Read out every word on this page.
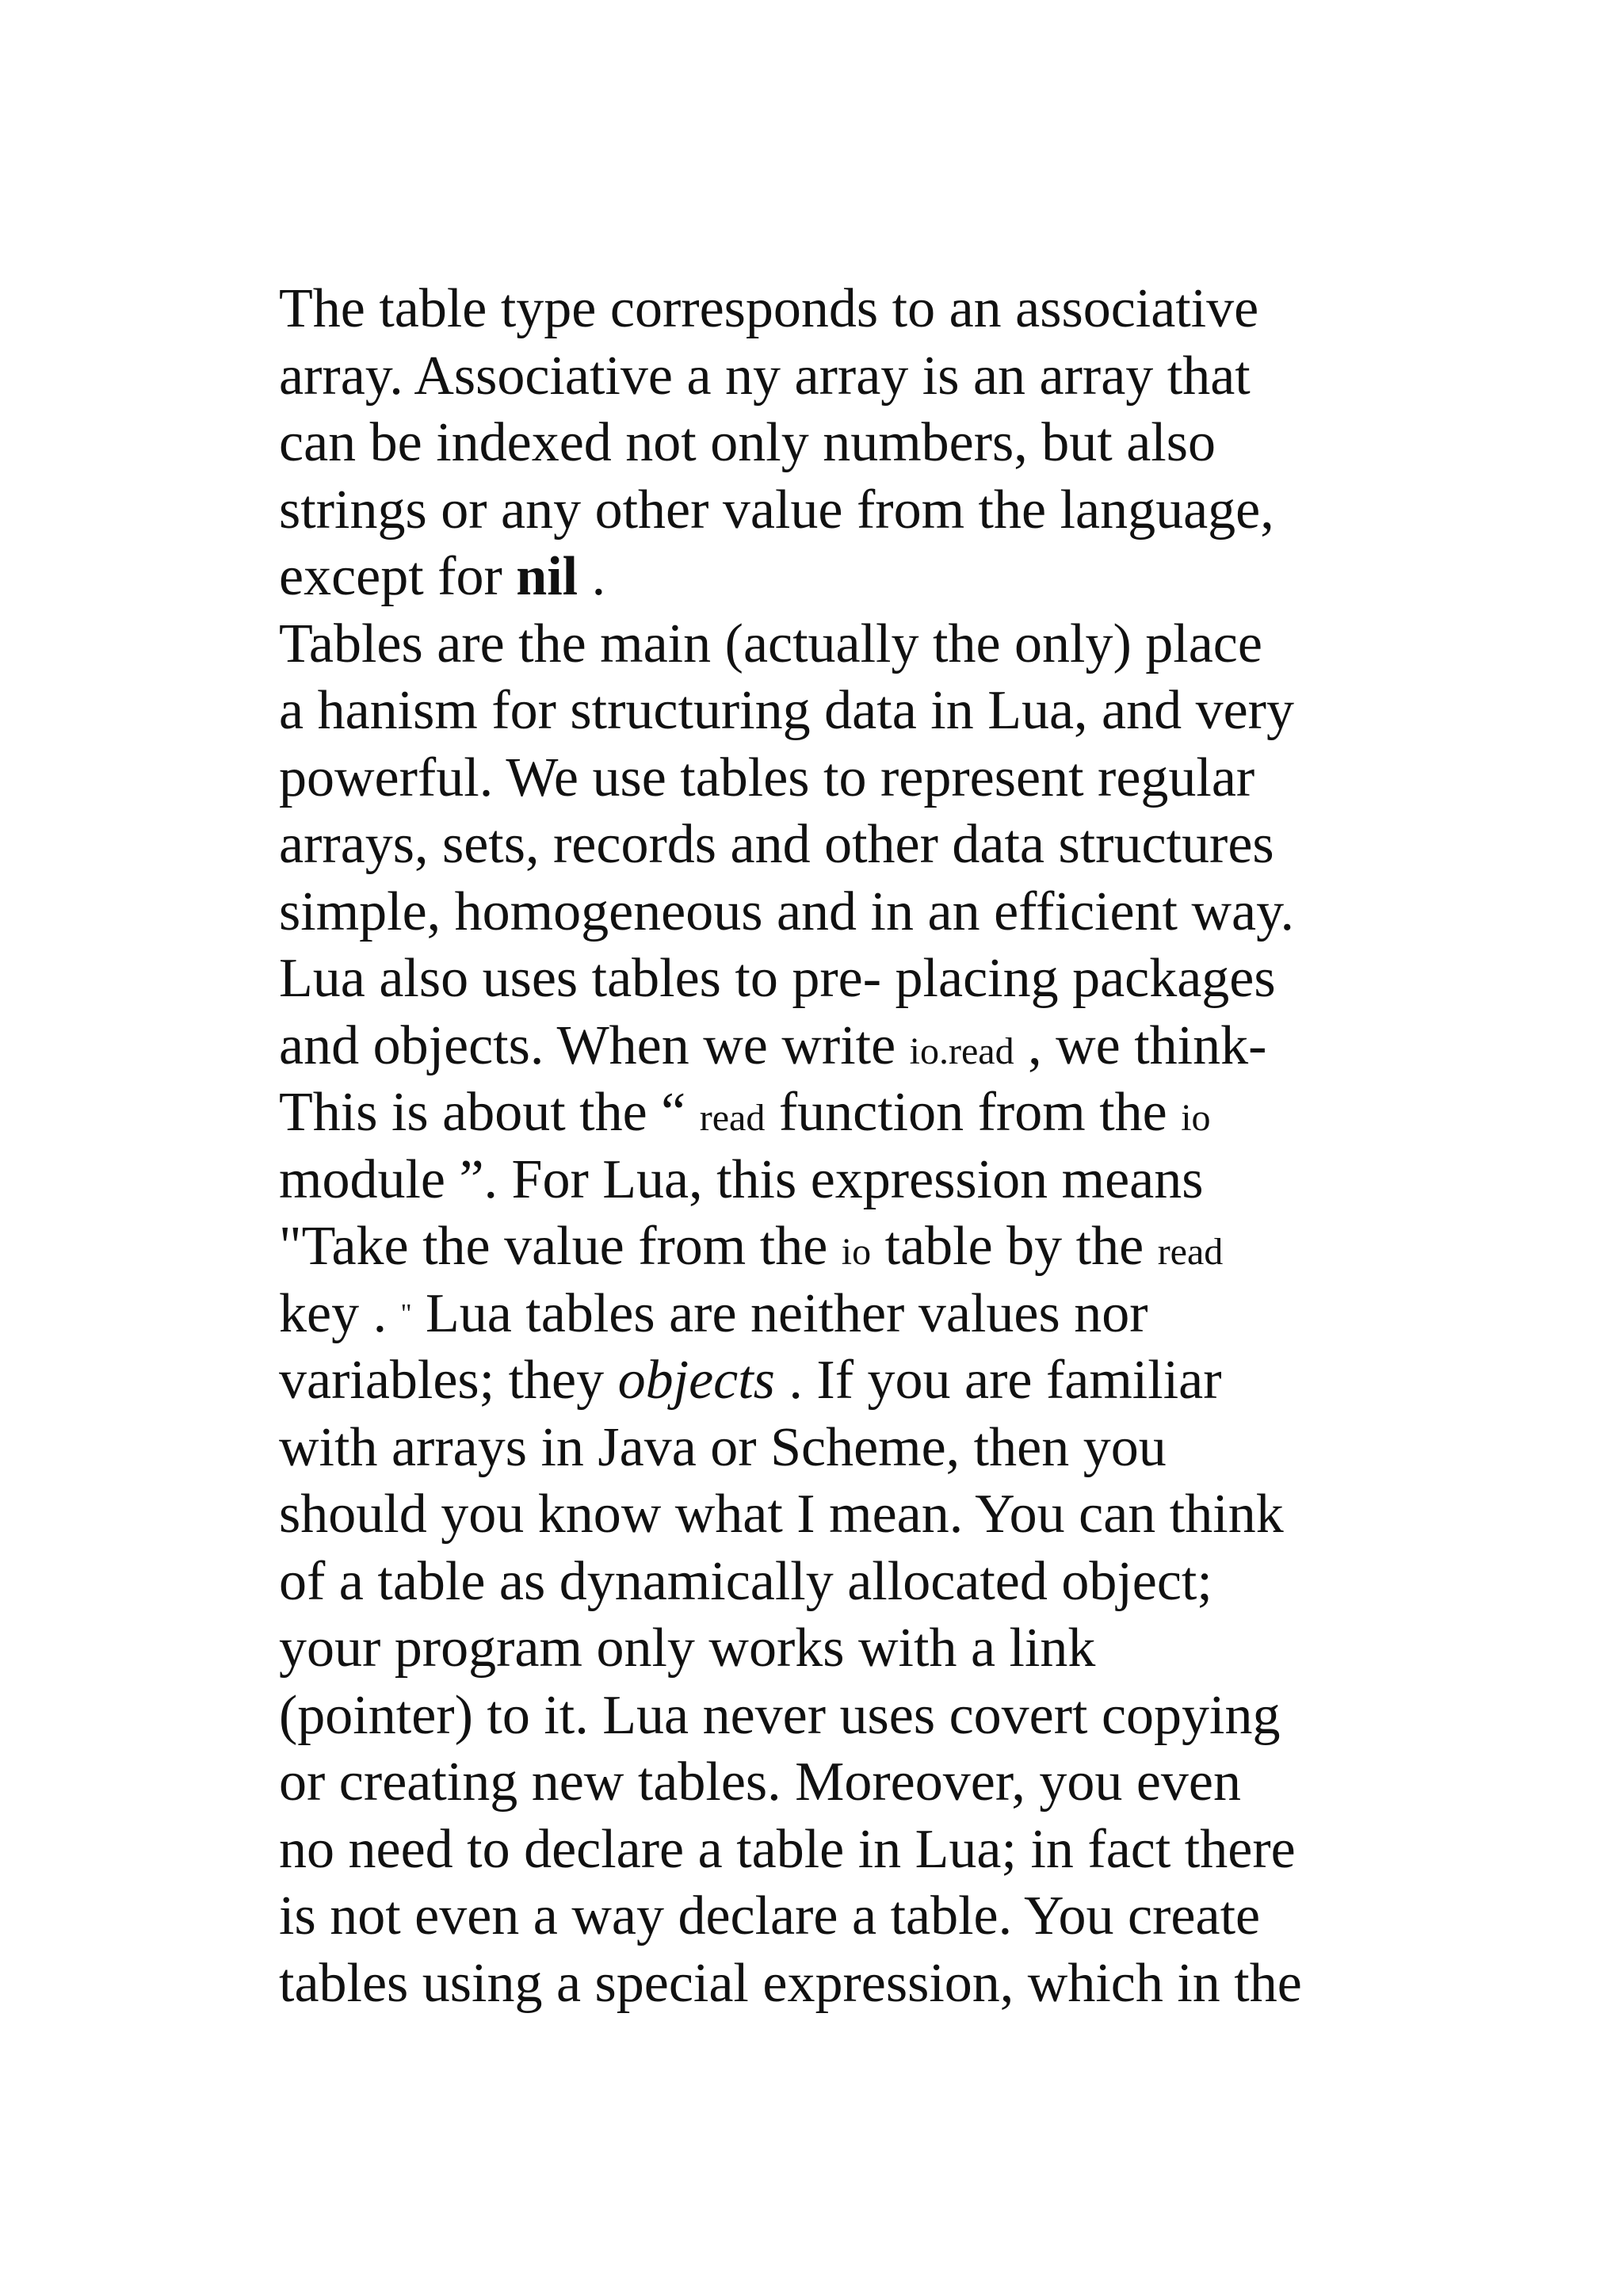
The table type corresponds to an associative
array. Associative a ny array is an array that
can be indexed not only numbers, but also
strings or any other value from the language,
except for nil .
Tables are the main (actually the only) place
a hanism for structuring data in Lua, and very
powerful. We use tables to represent regular
arrays, sets, records and other data structures
simple, homogeneous and in an efficient way.
Lua also uses tables to pre- placing packages
and objects. When we write io.read , we think-
This is about the “ read function from the io
module ”. For Lua, this expression means
"Take the value from the io table by the read
key . " Lua tables are neither values nor
variables; they objects . If you are familiar
with arrays in Java or Scheme, then you
should you know what I mean. You can think
of a table as dynamically allocated object;
your program only works with a link
(pointer) to it. Lua never uses covert copying
or creating new tables. Moreover, you even
no need to declare a table in Lua; in fact there
is not even a way declare a table. You create
tables using a special expression, which in the
